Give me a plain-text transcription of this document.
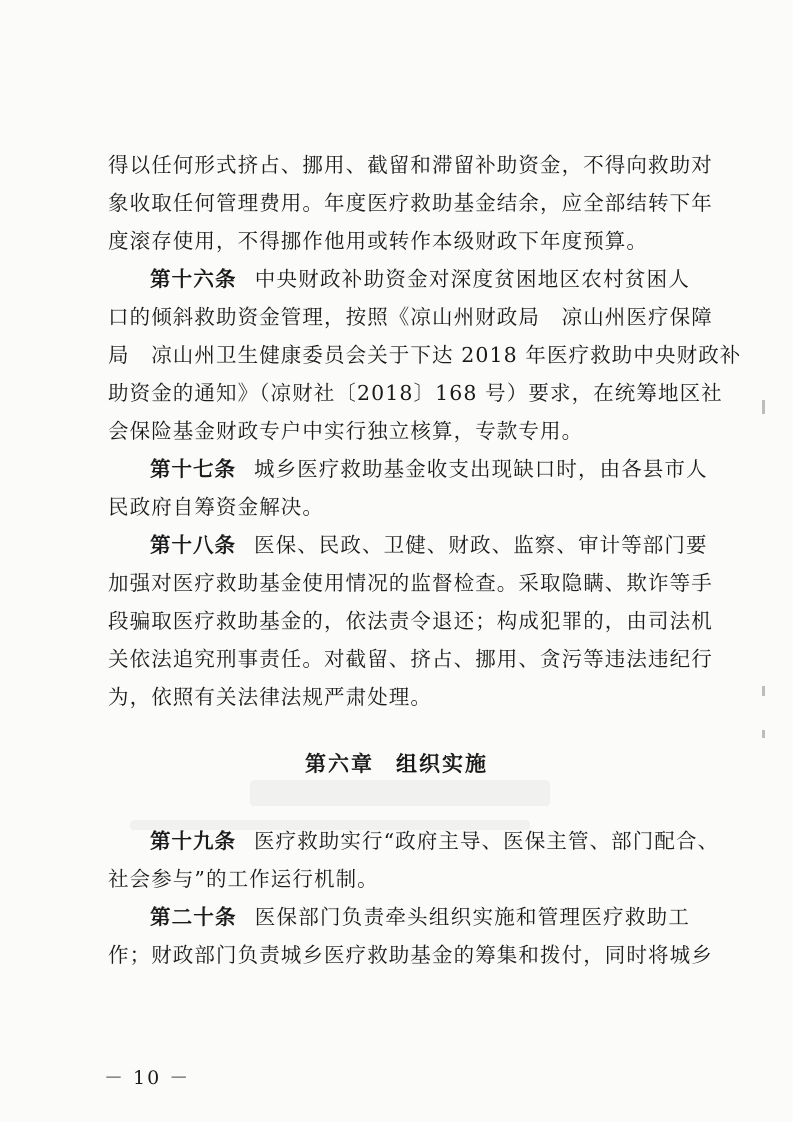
得以任何形式挤占、挪用、截留和滞留补助资金，不得向救助对
象收取任何管理费用。年度医疗救助基金结余，应全部结转下年
度滚存使用，不得挪作他用或转作本级财政下年度预算。
第十六条 中央财政补助资金对深度贫困地区农村贫困人
口的倾斜救助资金管理，按照《凉山州财政局　凉山州医疗保障
局　凉山州卫生健康委员会关于下达 2018 年医疗救助中央财政补
助资金的通知》（凉财社〔2018〕168 号）要求，在统筹地区社
会保险基金财政专户中实行独立核算，专款专用。
第十七条 城乡医疗救助基金收支出现缺口时，由各县市人
民政府自筹资金解决。
第十八条 医保、民政、卫健、财政、监察、审计等部门要
加强对医疗救助基金使用情况的监督检查。采取隐瞒、欺诈等手
段骗取医疗救助基金的，依法责令退还；构成犯罪的，由司法机
关依法追究刑事责任。对截留、挤占、挪用、贪污等违法违纪行
为，依照有关法律法规严肃处理。
第六章 组织实施
第十九条 医疗救助实行“政府主导、医保主管、部门配合、
社会参与”的工作运行机制。
第二十条 医保部门负责牵头组织实施和管理医疗救助工
作；财政部门负责城乡医疗救助基金的筹集和拨付，同时将城乡
－ 10 －
